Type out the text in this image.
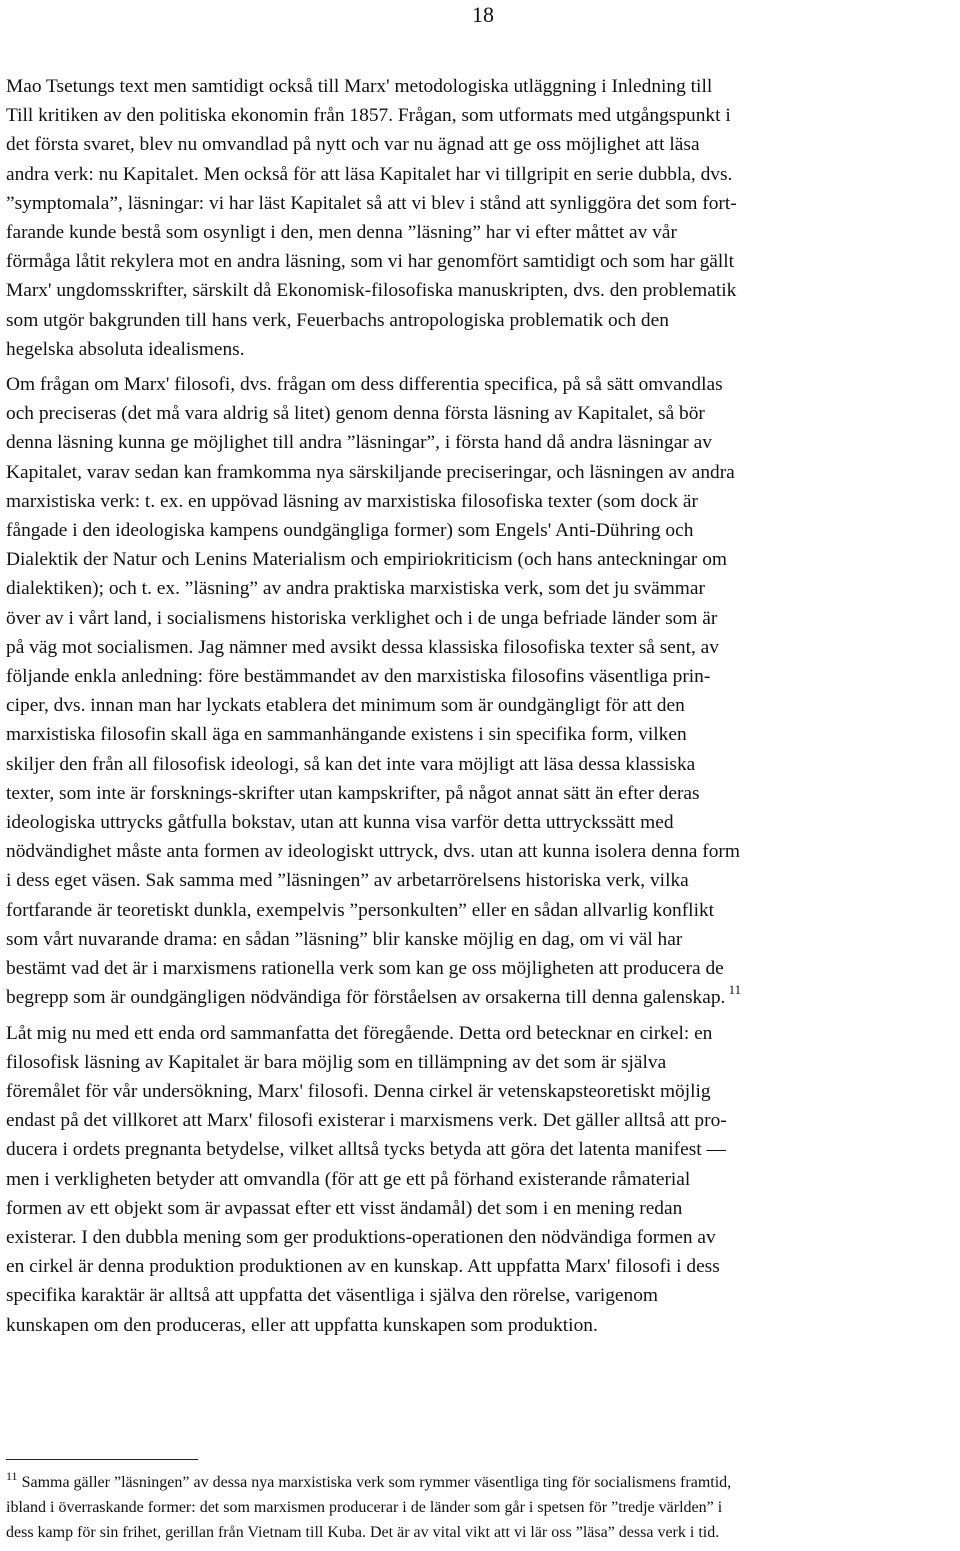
18

Mao Tsetungs text men samtidigt också till Marx' metodologiska utläggning i Inledning till
Till kritiken av den politiska ekonomin från 1857. Frågan, som utformats med utgångspunkt i
det första svaret, blev nu omvandlad på nytt och var nu ägnad att ge oss möjlighet att läsa
andra verk: nu Kapitalet. Men också för att läsa Kapitalet har vi tillgripit en serie dubbla, dvs.
”symptomala”, läsningar: vi har läst Kapitalet så att vi blev i stånd att synliggöra det som fort-
farande kunde bestå som osynligt i den, men denna ”läsning” har vi efter måttet av vår
förmåga låtit rekylera mot en andra läsning, som vi har genomfört samtidigt och som har gällt
Marx' ungdomsskrifter, särskilt då Ekonomisk-filosofiska manuskripten, dvs. den problematik
som utgör bakgrunden till hans verk, Feuerbachs antropologiska problematik och den
hegelska absoluta idealismens.

Om frågan om Marx' filosofi, dvs. frågan om dess differentia specifica, på så sätt omvandlas
och preciseras (det må vara aldrig så litet) genom denna första läsning av Kapitalet, så bör
denna läsning kunna ge möjlighet till andra ”läsningar”, i första hand då andra läsningar av
Kapitalet, varav sedan kan framkomma nya särskiljande preciseringar, och läsningen av andra
marxistiska verk: t. ex. en uppövad läsning av marxistiska filosofiska texter (som dock är
fångade i den ideologiska kampens oundgängliga former) som Engels' Anti-Dühring och
Dialektik der Natur och Lenins Materialism och empiriokriticism (och hans anteckningar om
dialektiken); och t. ex. ”läsning” av andra praktiska marxistiska verk, som det ju svämmar
över av i vårt land, i socialismens historiska verklighet och i de unga befriade länder som är
på väg mot socialismen. Jag nämner med avsikt dessa klassiska filosofiska texter så sent, av
följande enkla anledning: före bestämmandet av den marxistiska filosofins väsentliga prin-
ciper, dvs. innan man har lyckats etablera det minimum som är oundgängligt för att den
marxistiska filosofin skall äga en sammanhängande existens i sin specifika form, vilken
skiljer den från all filosofisk ideologi, så kan det inte vara möjligt att läsa dessa klassiska
texter, som inte är forsknings-skrifter utan kampskrifter, på något annat sätt än efter deras
ideologiska uttrycks gåtfulla bokstav, utan att kunna visa varför detta uttryckssätt med
nödvändighet måste anta formen av ideologiskt uttryck, dvs. utan att kunna isolera denna form
i dess eget väsen. Sak samma med ”läsningen” av arbetarrörelsens historiska verk, vilka
fortfarande är teoretiskt dunkla, exempelvis ”personkulten” eller en sådan allvarlig konflikt
som vårt nuvarande drama: en sådan ”läsning” blir kanske möjlig en dag, om vi väl har
bestämt vad det är i marxismens rationella verk som kan ge oss möjligheten att producera de
begrepp som är oundgängligen nödvändiga för förståelsen av orsakerna till denna galenskap. $^{11}$

Låt mig nu med ett enda ord sammanfatta det föregående. Detta ord betecknar en cirkel: en
filosofisk läsning av Kapitalet är bara möjlig som en tillämpning av det som är själva
föremålet för vår undersökning, Marx' filosofi. Denna cirkel är vetenskapsteoretiskt möjlig
endast på det villkoret att Marx' filosofi existerar i marxismens verk. Det gäller alltså att pro-
ducera i ordets pregnanta betydelse, vilket alltså tycks betyda att göra det latenta manifest ―
men i verkligheten betyder att omvandla (för att ge ett på förhand existerande råmaterial
formen av ett objekt som är avpassat efter ett visst ändamål) det som i en mening redan
existerar. I den dubbla mening som ger produktions-operationen den nödvändiga formen av
en cirkel är denna produktion produktionen av en kunskap. Att uppfatta Marx' filosofi i dess
specifika karaktär är alltså att uppfatta det väsentliga i själva den rörelse, varigenom
kunskapen om den produceras, eller att uppfatta kunskapen som produktion.

$^{11}$ Samma gäller ”läsningen” av dessa nya marxistiska verk som rymmer väsentliga ting för socialismens framtid,
ibland i överraskande former: det som marxismen producerar i de länder som går i spetsen för ”tredje världen” i
dess kamp för sin frihet, gerillan från Vietnam till Kuba. Det är av vital vikt att vi lär oss ”läsa” dessa verk i tid.
